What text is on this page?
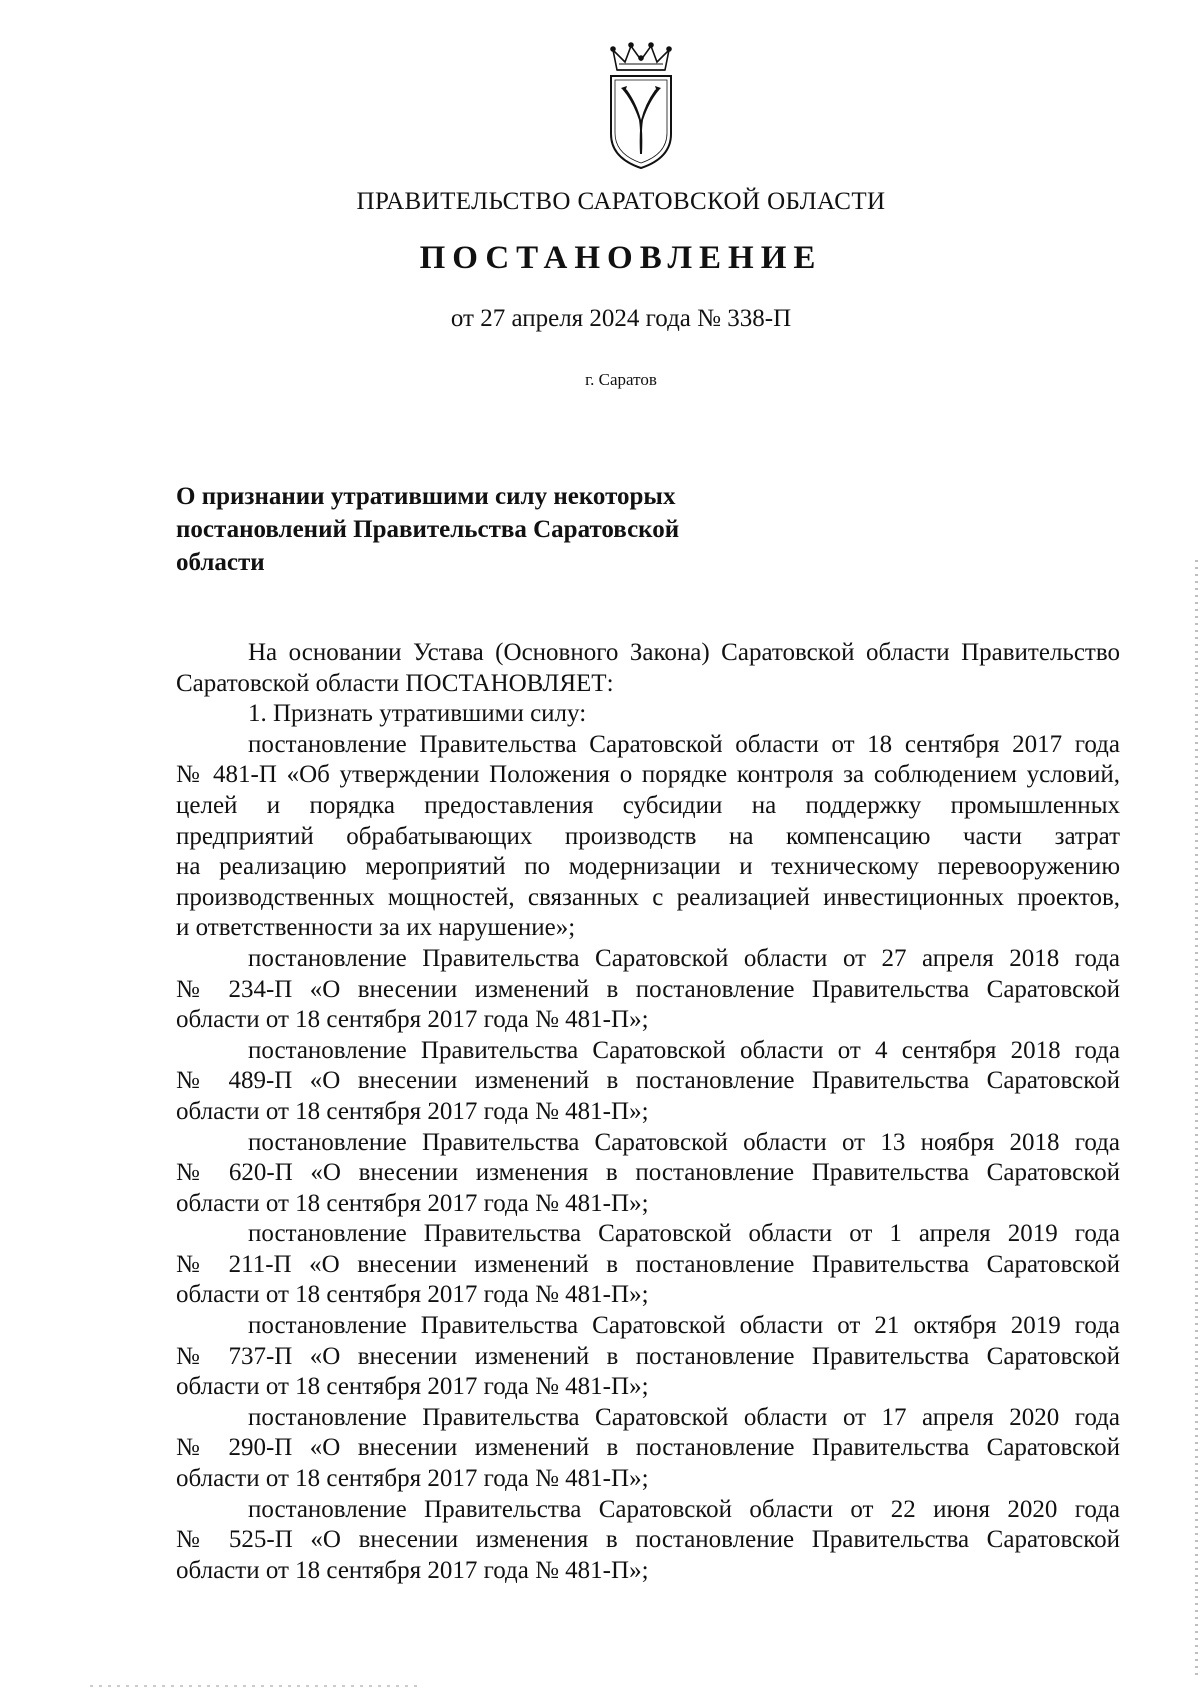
ПРАВИТЕЛЬСТВО САРАТОВСКОЙ ОБЛАСТИ
ПОСТАНОВЛЕНИЕ
от 27 апреля 2024 года № 338-П
г. Саратов
О признании утратившими силу некоторых
постановлений Правительства Саратовской
области
На основании Устава (Основного Закона) Саратовской области Правительство
Саратовской области ПОСТАНОВЛЯЕТ:
1. Признать утратившими силу:
постановление Правительства Саратовской области от 18 сентября 2017 года
№ 481-П «Об утверждении Положения о порядке контроля за соблюдением условий,
целей и порядка предоставления субсидии на поддержку промышленных
предприятий обрабатывающих производств на компенсацию части затрат
на реализацию мероприятий по модернизации и техническому перевооружению
производственных мощностей, связанных с реализацией инвестиционных проектов,
и ответственности за их нарушение»;
постановление Правительства Саратовской области от 27 апреля 2018 года
№ 234-П «О внесении изменений в постановление Правительства Саратовской
области от 18 сентября 2017 года № 481-П»;
постановление Правительства Саратовской области от 4 сентября 2018 года
№ 489-П «О внесении изменений в постановление Правительства Саратовской
области от 18 сентября 2017 года № 481-П»;
постановление Правительства Саратовской области от 13 ноября 2018 года
№ 620-П «О внесении изменения в постановление Правительства Саратовской
области от 18 сентября 2017 года № 481-П»;
постановление Правительства Саратовской области от 1 апреля 2019 года
№ 211-П «О внесении изменений в постановление Правительства Саратовской
области от 18 сентября 2017 года № 481-П»;
постановление Правительства Саратовской области от 21 октября 2019 года
№ 737-П «О внесении изменений в постановление Правительства Саратовской
области от 18 сентября 2017 года № 481-П»;
постановление Правительства Саратовской области от 17 апреля 2020 года
№ 290-П «О внесении изменений в постановление Правительства Саратовской
области от 18 сентября 2017 года № 481-П»;
постановление Правительства Саратовской области от 22 июня 2020 года
№ 525-П «О внесении изменения в постановление Правительства Саратовской
области от 18 сентября 2017 года № 481-П»;
